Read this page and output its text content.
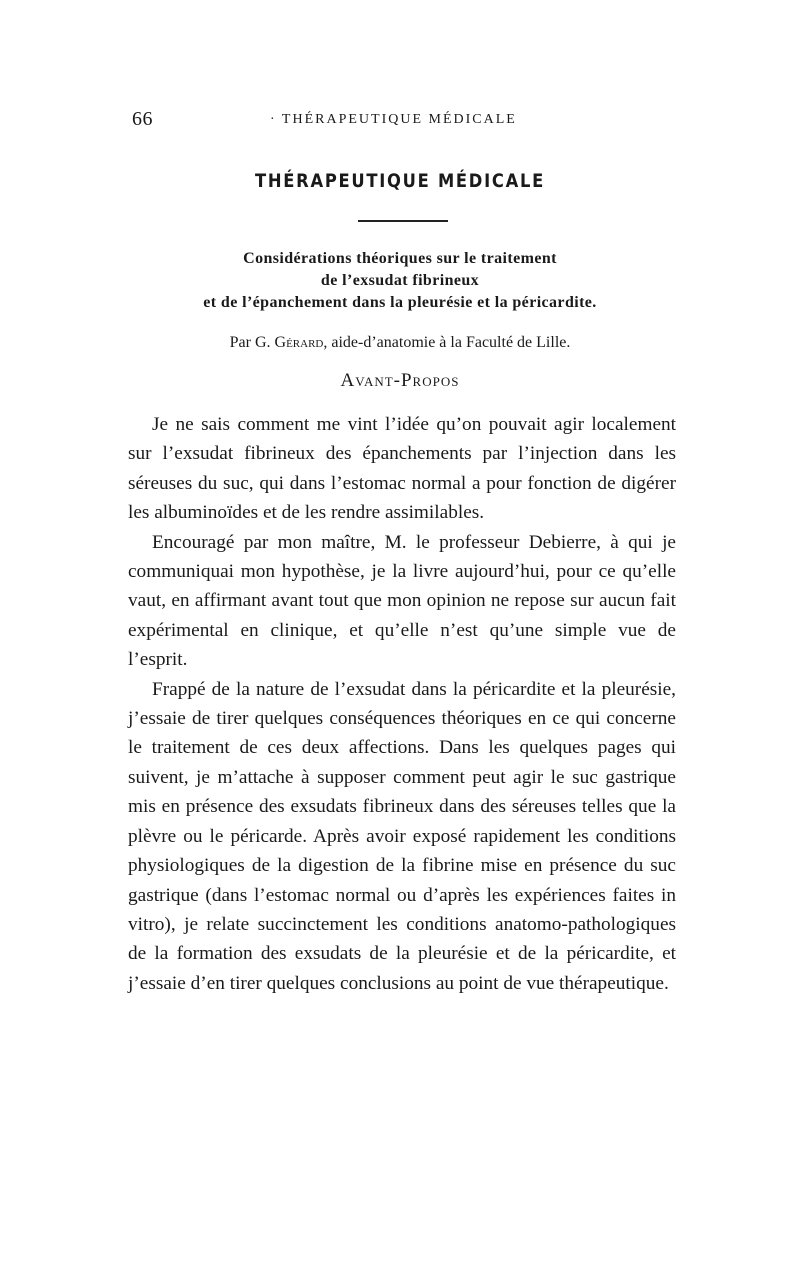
66	· THÉRAPEUTIQUE MÉDICALE
THÉRAPEUTIQUE MÉDICALE
Considérations théoriques sur le traitement
de l’exsudat fibrineux
et de l’épanchement dans la pleurésie et la péricardite.
Par G. Gérard, aide-d’anatomie à la Faculté de Lille.
Avant-Propos

Je ne sais comment me vint l’idée qu’on pouvait agir localement sur l’exsudat fibrineux des épanchements par l’injection dans les séreuses du suc, qui dans l’estomac normal a pour fonction de digérer les albuminoïdes et de les rendre assimilables.

Encouragé par mon maître, M. le professeur Debierre, à qui je communiquai mon hypothèse, je la livre aujourd’hui, pour ce qu’elle vaut, en affirmant avant tout que mon opinion ne repose sur aucun fait expérimental en clinique, et qu’elle n’est qu’une simple vue de l’esprit.

Frappé de la nature de l’exsudat dans la péricardite et la pleurésie, j’essaie de tirer quelques conséquences théoriques en ce qui concerne le traitement de ces deux affections. Dans les quelques pages qui suivent, je m’attache à supposer comment peut agir le suc gastrique mis en présence des exsudats fibrineux dans des séreuses telles que la plèvre ou le péricarde. Après avoir exposé rapidement les conditions physiologiques de la digestion de la fibrine mise en présence du suc gastrique (dans l’estomac normal ou d’après les expériences faites in vitro), je relate succinctement les conditions anatomo-pathologiques de la formation des exsudats de la pleurésie et de la péricardite, et j’essaie d’en tirer quelques conclusions au point de vue thérapeutique.
